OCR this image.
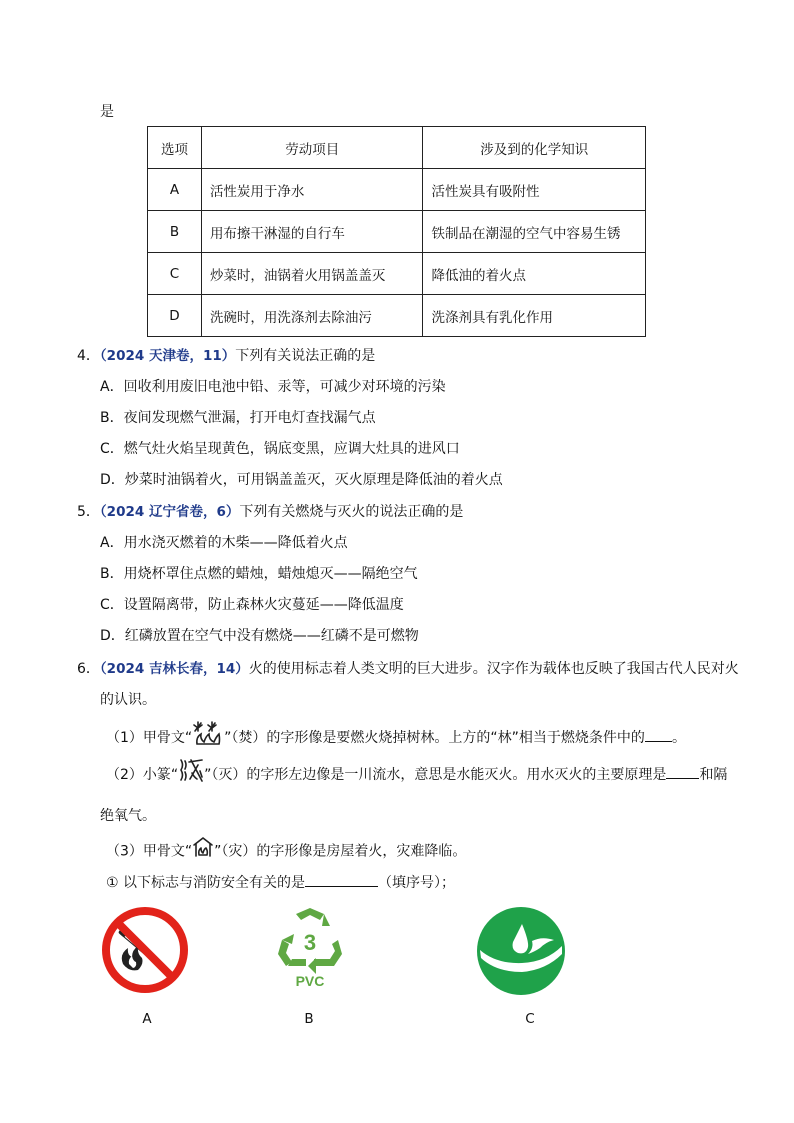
是
选项	劳动项目	涉及到的化学知识
A	活性炭用于净水	活性炭具有吸附性
B	用布擦干淋湿的自行车	铁制品在潮湿的空气中容易生锈
C	炒菜时，油锅着火用锅盖盖灭	降低油的着火点
D	洗碗时，用洗涤剂去除油污	洗涤剂具有乳化作用
4．（2024 天津卷，11）下列有关说法正确的是
A．回收利用废旧电池中铅、汞等，可减少对环境的污染
B．夜间发现燃气泄漏，打开电灯查找漏气点
C．燃气灶火焰呈现黄色，锅底变黑，应调大灶具的进风口
D．炒菜时油锅着火，可用锅盖盖灭，灭火原理是降低油的着火点
5．（2024 辽宁省卷，6）下列有关燃烧与灭火的说法正确的是
A．用水浇灭燃着的木柴——降低着火点
B．用烧杯罩住点燃的蜡烛，蜡烛熄灭——隔绝空气
C．设置隔离带，防止森林火灾蔓延——降低温度
D．红磷放置在空气中没有燃烧——红磷不是可燃物
6．（2024 吉林长春，14）火的使用标志着人类文明的巨大进步。汉字作为载体也反映了我国古代人民对火
的认识。
（1）甲骨文“ ”（焚）的字形像是要燃火烧掉树林。上方的“林”相当于燃烧条件中的 。
（2）小篆“ ”（灭）的字形左边像是一川流水，意思是水能灭火。用水灭火的主要原理是 和隔
绝氧气。
（3）甲骨文“ ”（灾）的字形像是房屋着火，灾难降临。
① 以下标志与消防安全有关的是	（填序号）；
A
3
PVC
B	C
